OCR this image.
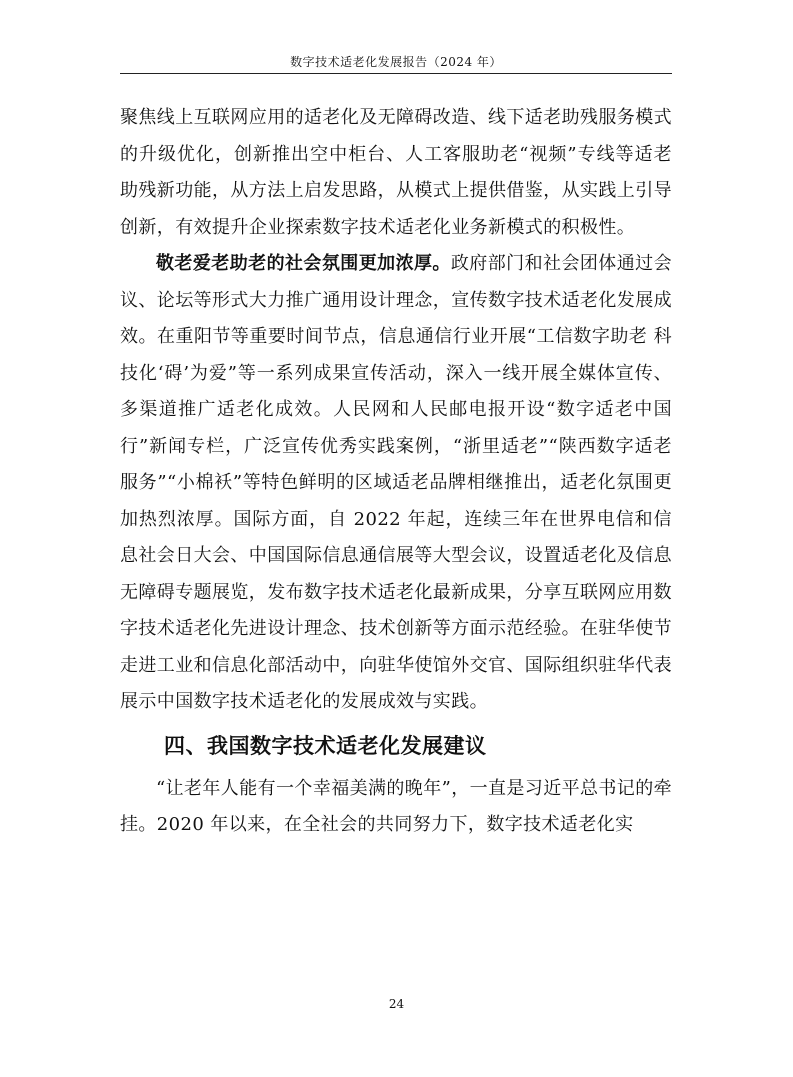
数字技术适老化发展报告（2024 年）

聚焦线上互联网应用的适老化及无障碍改造、线下适老助残服务模式的升级优化，创新推出空中柜台、人工客服助老“视频”专线等适老助残新功能，从方法上启发思路，从模式上提供借鉴，从实践上引导创新，有效提升企业探索数字技术适老化业务新模式的积极性。

敬老爱老助老的社会氛围更加浓厚。政府部门和社会团体通过会议、论坛等形式大力推广通用设计理念，宣传数字技术适老化发展成效。在重阳节等重要时间节点，信息通信行业开展“工信数字助老 科技化‘碍’为爱”等一系列成果宣传活动，深入一线开展全媒体宣传、多渠道推广适老化成效。人民网和人民邮电报开设“数字适老中国行”新闻专栏，广泛宣传优秀实践案例，“浙里适老”“陕西数字适老服务”“小棉袄”等特色鲜明的区域适老品牌相继推出，适老化氛围更加热烈浓厚。国际方面，自 2022 年起，连续三年在世界电信和信息社会日大会、中国国际信息通信展等大型会议，设置适老化及信息无障碍专题展览，发布数字技术适老化最新成果，分享互联网应用数字技术适老化先进设计理念、技术创新等方面示范经验。在驻华使节走进工业和信息化部活动中，向驻华使馆外交官、国际组织驻华代表展示中国数字技术适老化的发展成效与实践。

四、我国数字技术适老化发展建议

“让老年人能有一个幸福美满的晚年”，一直是习近平总书记的牵挂。2020 年以来，在全社会的共同努力下，数字技术适老化实

24
